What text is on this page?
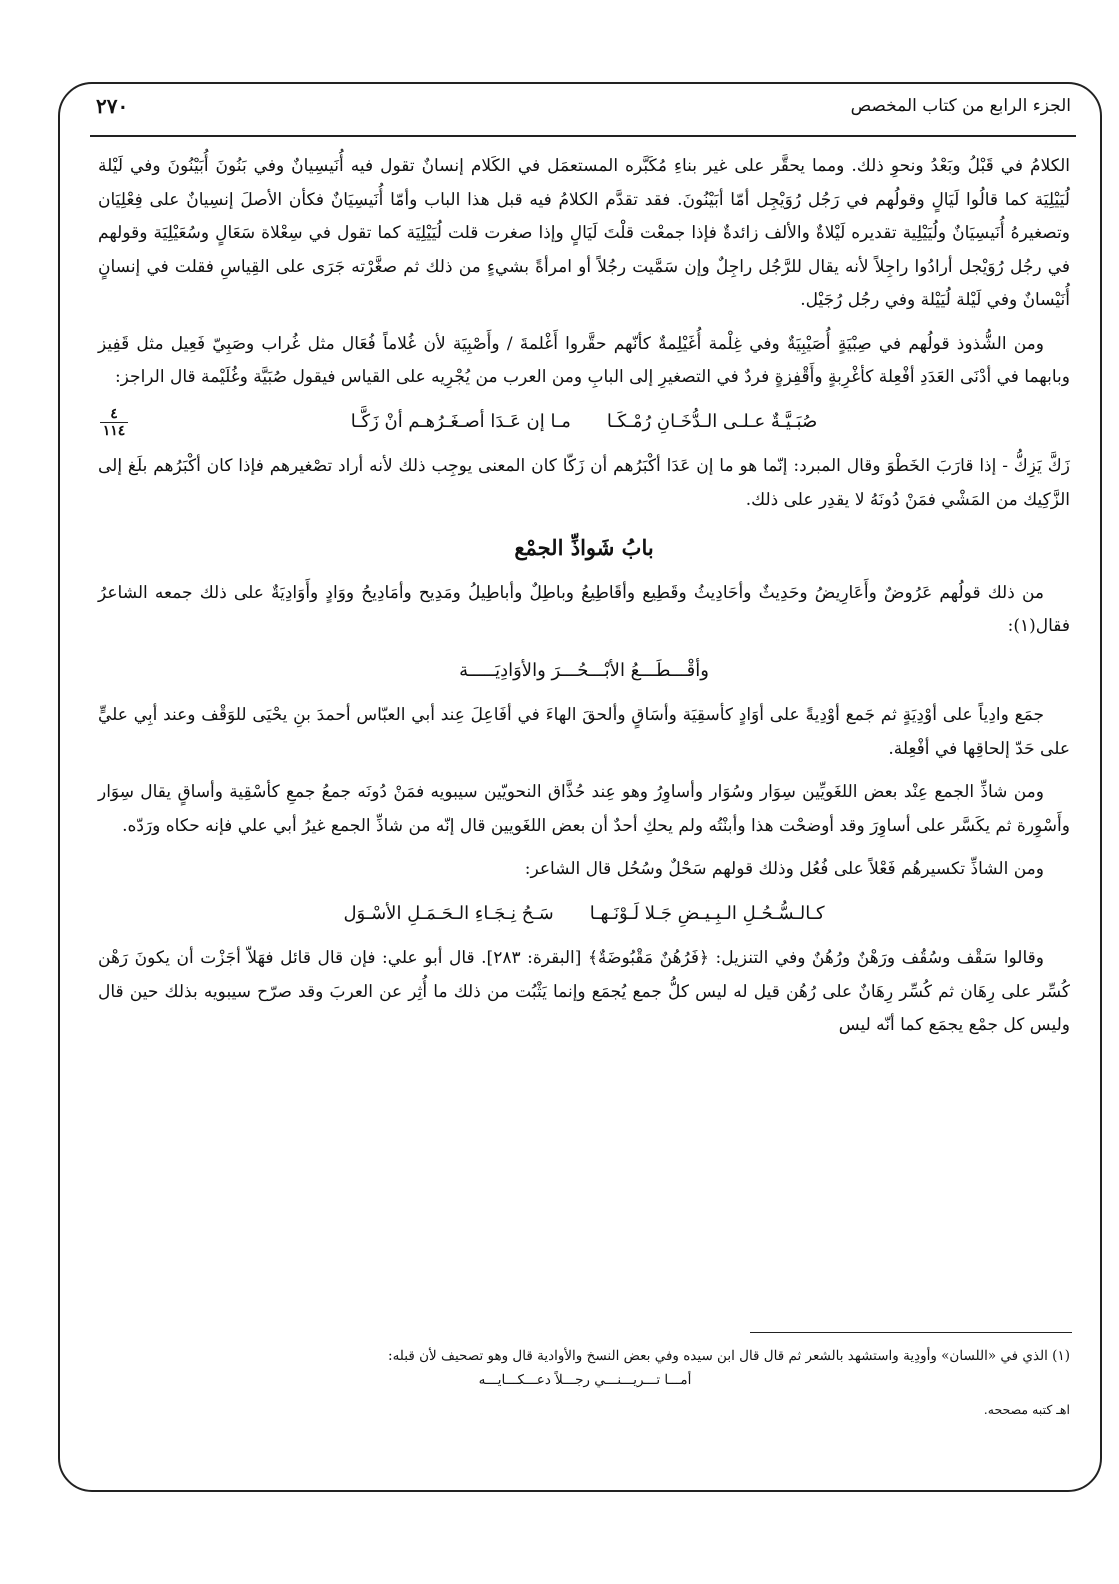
٢٧٠	الجزء الرابع من كتاب المخصص
٤
١١٤

الكلامُ في قَبْلُ وبَعْدُ ونحوِ ذلك. ومما يحقَّر على غير بناءِ مُكَبَّره المستعمَل في الكَلام إنسانٌ تقول فيه أُنَيسِيانٌ وفي بَنُونَ أُبَيْنُونَ وفي لَيْلة لُيَيْلِيَة كما قالُوا لَيَالٍ وقولُهم في رَجُل رُوَيْجِل أمّا أبَيْنُونَ. فقد تقدَّم الكلامُ فيه قبل هذا الباب وأمّا أُنَيسِيَانٌ فكأن الأصلَ إنسِيانٌ على فِعْلِيَان وتصغيرهُ أُنَيسِيَانٌ ولُيَيْلِية تقديره لَيْلاةٌ والألف زائدةٌ فإذا جمعْت قلْتَ لَيَالٍ وإذا صغرت قلت لُيَيْلِيَة كما تقول في سِعْلاة سَعَالٍ وسُعَيْلِيَة وقولهم في رجُل رُوَيْجل أرادُوا راجِلاً لأنه يقال للرَّجُل راجِلٌ وإن سَمَّيت رجُلاً أو امرأةً بشيءٍ من ذلك ثم صغَّرْته جَرَى على القِياسِ فقلت في إنسانٍ أُنَيْسانٌ وفي لَيْلة لُيَيْلة وفي رجُل رُجَيْل.

ومن الشُّذوذ قولُهم في صِبْيَةٍ أُصَيْبِيَةٌ وفي غِلْمة أُغَيْلِمةٌ كأنّهم حقَّروا أَغْلمةَ / وأَصْبِيَة لأن غُلاماً فُعَال مثل غُراب وصَبِيّ فَعِيل مثل قَفِيز وبابهما في أدْنَى العَدَدِ أفْعِلة كأغْرِبةٍ وأَقْفِزةٍ فردٌ في التصغيرِ إلى البابِ ومن العرب من يُجْرِيه على القياس فيقول صُبَيَّة وغُلَيْمة قال الراجز:

صُبَـيَّـةٌ عـلـى الـدُّخَـانِ رُمْـكَـا
مـا إن عَـدَا أصـغَـرُهـم أنْ زَكَّـا

زَكَّ يَزِكُّ - إذا قارَبَ الخَطْوَ وقال المبرد: إنّما هو ما إن عَدَا أكْبَرُهم أن زَكّا كان المعنى يوجِب ذلك لأنه أراد تصْغيرهم فإذا كان أكْبَرُهم بلَغ إلى الزَّكِيك من المَشْي فمَنْ دُونَهُ لا يقدِر على ذلك.

بابُ شَواذِّ الجمْع

من ذلك قولُهم عَرُوضٌ وأَعَارِيضُ وحَدِيثٌ وأحَادِيثُ وقَطِيع وأقَاطِيعُ وباطِلٌ وأباطِيلُ ومَدِيح وأمَادِيحُ ووَادٍ وأَوَادِيَةٌ على ذلك جمعه الشاعرُ فقال(١):

وأقْـــطَـــعُ الأبْـــحُـــرَ والأوَادِيَـــــة

جمَع وادِياً على أوْدِيَةٍ ثم جَمع أوْدِيةً على أوَادٍ كأسقِيَة وأسَاقٍ وألحقَ الهاءَ في أفَاعِلَ عِند أبي العبّاس أحمدَ بنِ يحْيَى للوَقْف وعند أبِي عليٍّ على حَدّ إلحاقِها في أفْعِلة.

ومن شاذِّ الجمع عِنْد بعض اللغَويِّين سِوَار وسُوَار وأساوِرُ وهو عِند حُذَّاق النحويّين سيبويه فمَنْ دُونَه جمعُ جمعِ كأسْقِية وأساقٍ يقال سِوَار وأَسْوِرة ثم يكَسَّر على أساوِرَ وقد أوضحْت هذا وأبنْتُه ولم يحكِ أحدٌ أن بعض اللغَويين قال إنّه من شاذِّ الجمع غيرُ أبي علي فإنه حكاه ورَدّه.

ومن الشاذِّ تكسيرهُم فَعْلاً على فُعُل وذلك قولهم سَحْلٌ وسُحُل قال الشاعر:

كـالـسُّـحُـلِ الـبِـيـضِ جَـلا لَـوْنَـهـا
سَـحُ نِـجَـاءِ الـحَـمَـلِ الأسْـوَل

وقالوا سَقْف وسُقُف ورَهْنٌ ورُهُنٌ وفي التنزيل: ﴿فَرُهُنٌ مَقْبُوضَةٌ﴾ [البقرة: ٢٨٣]. قال أبو علي: فإن قال قائل فهَلاّ أجَزْت أن يكونَ رَهْن كُسِّر على رِهَان ثم كُسِّر رِهَانٌ على رُهُن قيل له ليس كلُّ جمع يُجمَع وإنما يَثْبُت من ذلك ما أُثِر عن العربَ وقد صرّح سيبويه بذلك حين قال وليس كل جمْع يجمَع كما أنّه ليس

(١) الذي في «اللسان» وأودِية واستشهد بالشعر ثم قال قال ابن سيده وفي بعض النسخ والأوادية قال وهو تصحيف لأن قبله:
أمـــا تـــريـــنـــي رجـــلاً دعـــكـــايـــه
اهـ كتبه مصححه.
